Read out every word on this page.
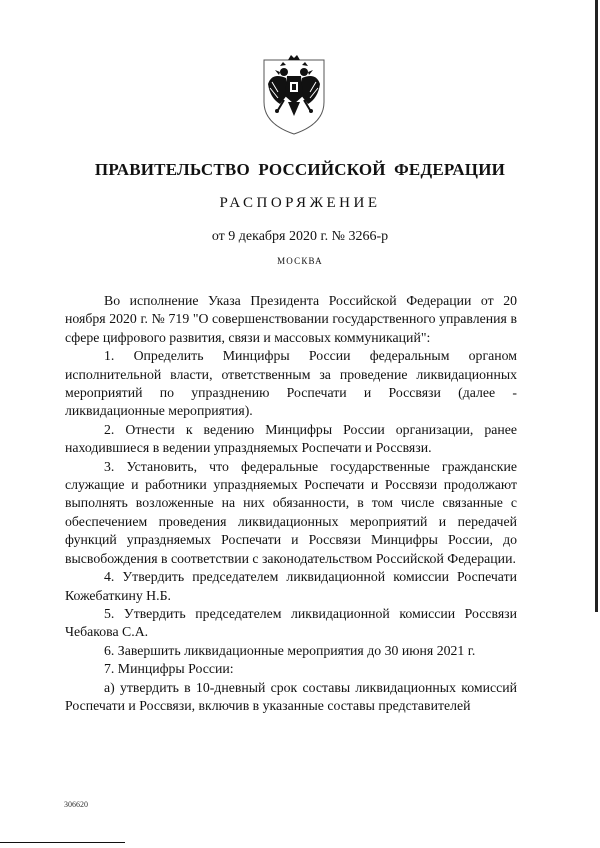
ПРАВИТЕЛЬСТВО РОССИЙСКОЙ ФЕДЕРАЦИИ
РАСПОРЯЖЕНИЕ
от 9 декабря 2020 г. № 3266-р
МОСКВА

Во исполнение Указа Президента Российской Федерации от 20 ноября 2020 г. № 719 "О совершенствовании государственного управления в сфере цифрового развития, связи и массовых коммуникаций":

1. Определить Минцифры России федеральным органом исполнительной власти, ответственным за проведение ликвидационных мероприятий по упразднению Роспечати и Россвязи (далее - ликвидационные мероприятия).

2. Отнести к ведению Минцифры России организации, ранее находившиеся в ведении упраздняемых Роспечати и Россвязи.

3. Установить, что федеральные государственные гражданские служащие и работники упраздняемых Роспечати и Россвязи продолжают выполнять возложенные на них обязанности, в том числе связанные с обеспечением проведения ликвидационных мероприятий и передачей функций упраздняемых Роспечати и Россвязи Минцифры России, до высвобождения в соответствии с законодательством Российской Федерации.

4. Утвердить председателем ликвидационной комиссии Роспечати Кожебаткину Н.Б.

5. Утвердить председателем ликвидационной комиссии Россвязи Чебакова С.А.

6. Завершить ликвидационные мероприятия до 30 июня 2021 г.

7. Минцифры России:

а) утвердить в 10-дневный срок составы ликвидационных комиссий Роспечати и Россвязи, включив в указанные составы представителей

306620
